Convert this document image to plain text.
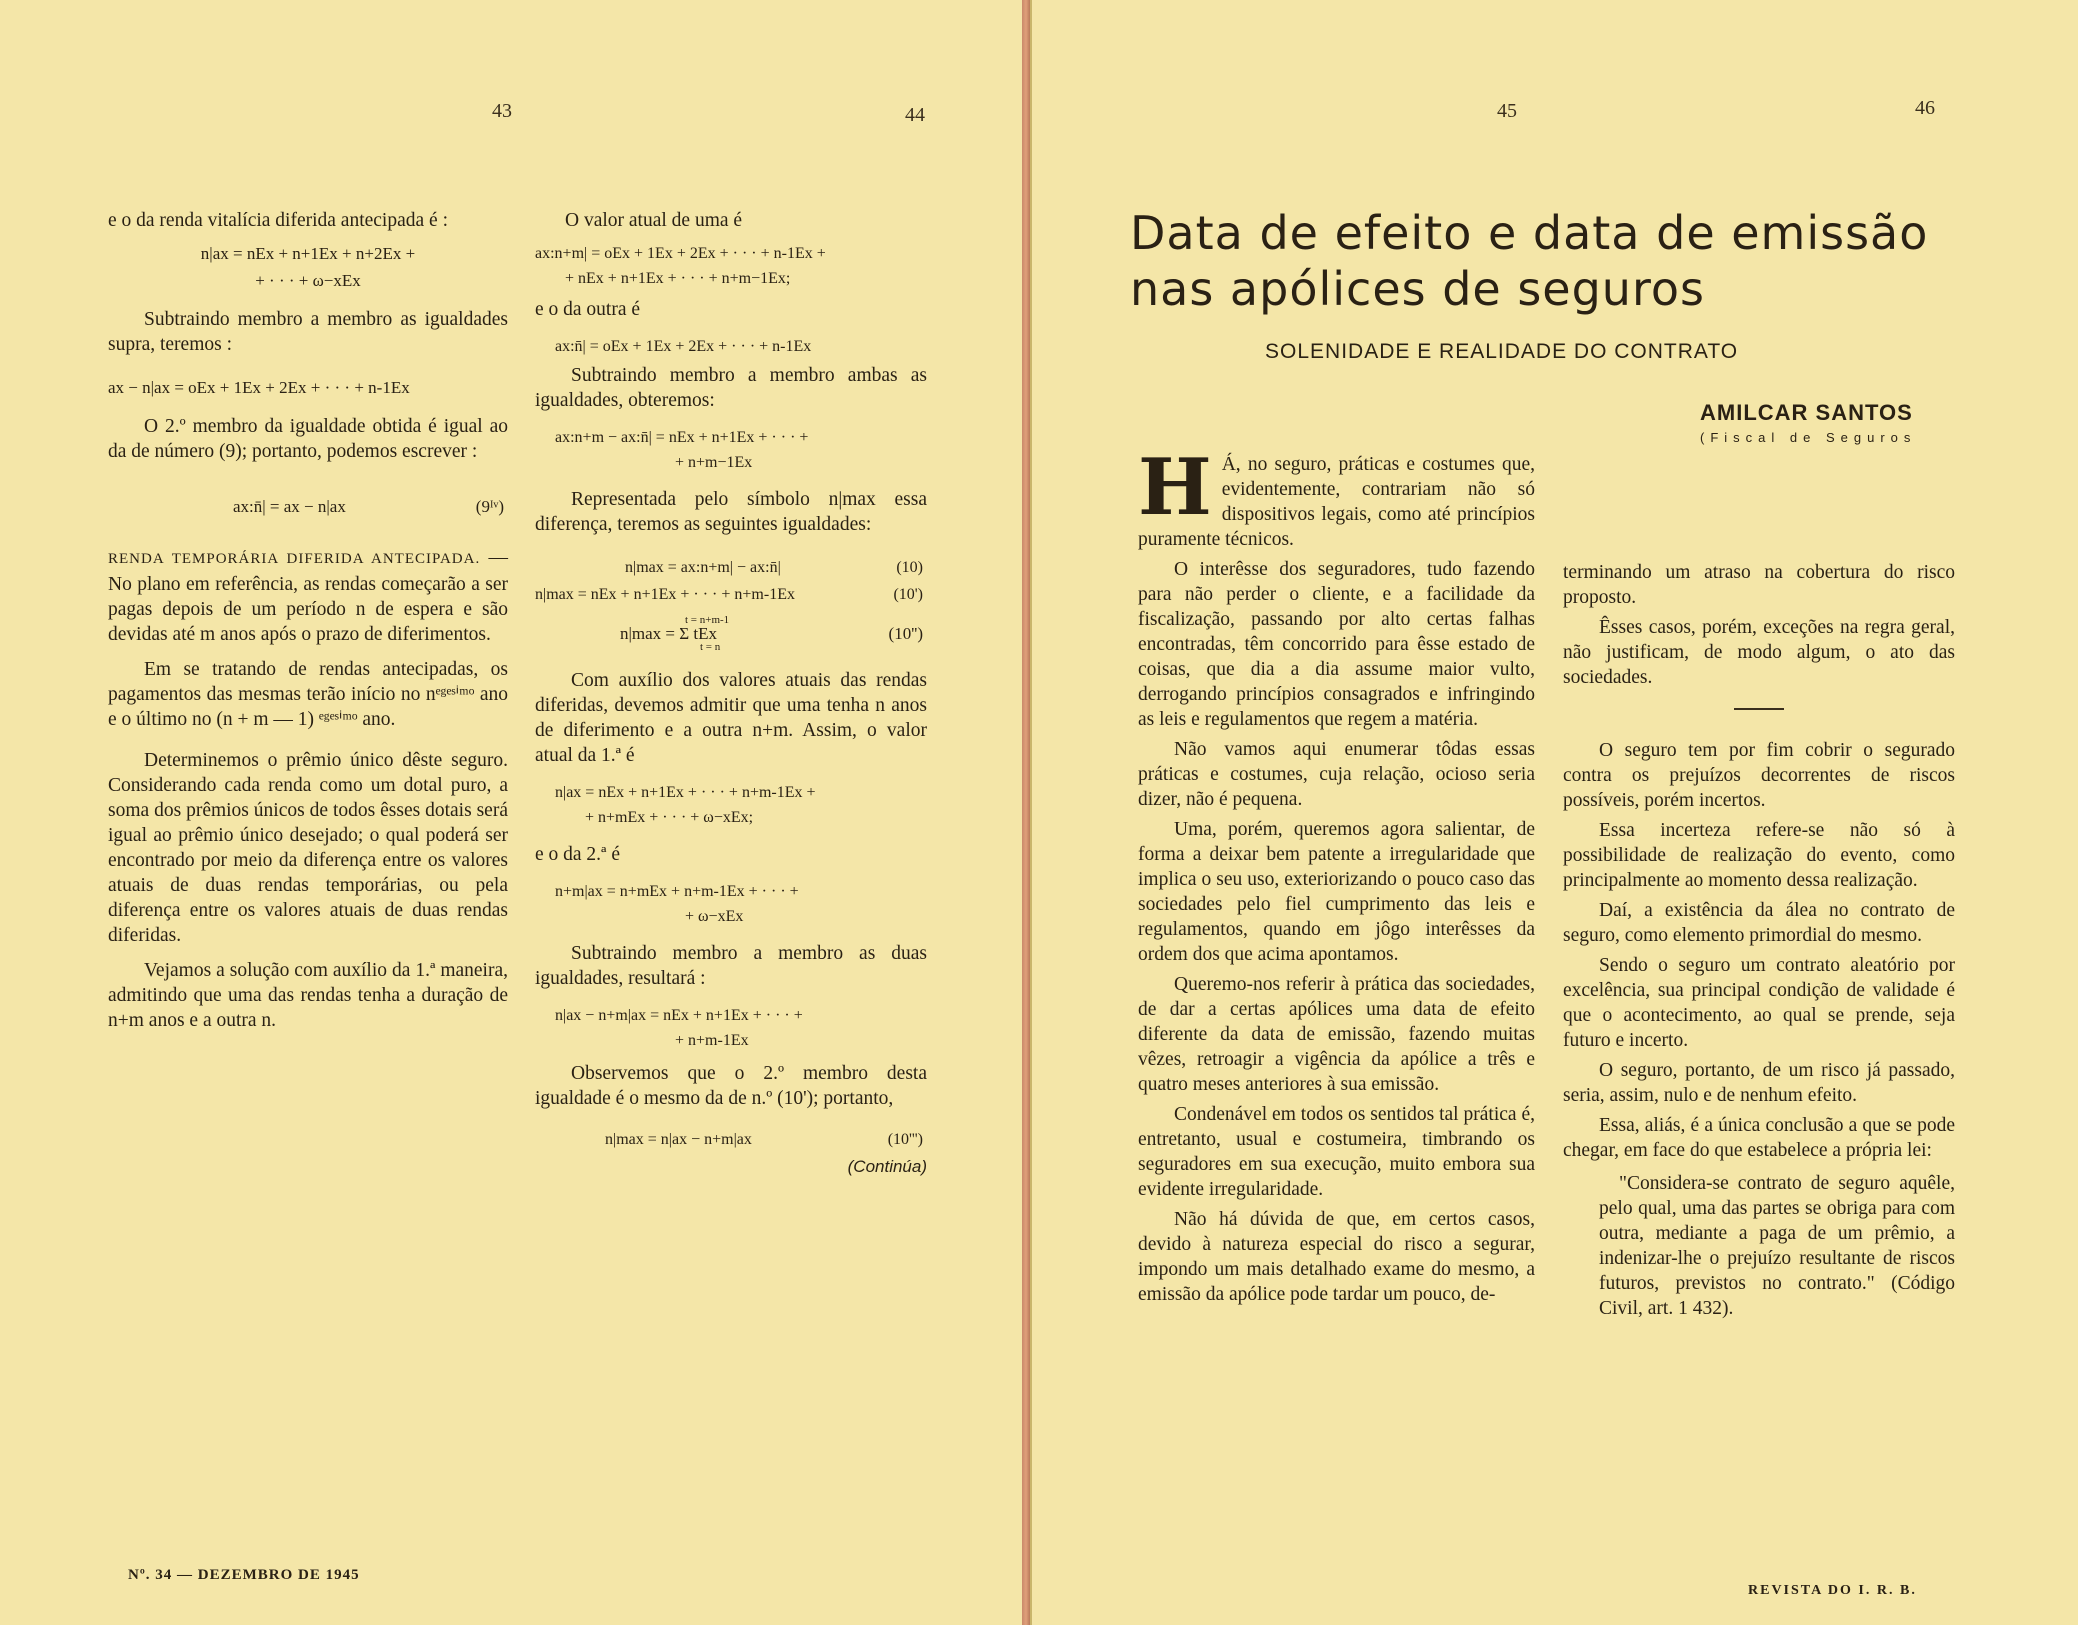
43	44

e o da renda vitalícia diferida antecipada é :

n|ax = nEx + n+1Ex + n+2Ex +
+ · · · + ω−xEx

Subtraindo membro a membro as igualdades supra, teremos :

ax − n|ax = oEx + 1Ex + 2Ex + · · · + n-1Ex

O 2.º membro da igualdade obtida é igual ao da de número (9); portanto, podemos escrever :

ax:n̄| = ax − n|ax	(9ᴵᵛ)

RENDA TEMPORÁRIA DIFERIDA ANTECIPADA. — No plano em referência, as rendas começarão a ser pagas depois de um período n de espera e são devidas até m anos após o prazo de diferimentos.

Em se tratando de rendas antecipadas, os pagamentos das mesmas terão início no nᵉᵍᵉˢⁱᵐᵒ ano e o último no (n + m — 1) ᵉᵍᵉˢⁱᵐᵒ ano.

Determinemos o prêmio único dêste seguro. Considerando cada renda como um dotal puro, a soma dos prêmios únicos de todos êsses dotais será igual ao prêmio único desejado; o qual poderá ser encontrado por meio da diferença entre os valores atuais de duas rendas temporárias, ou pela diferença entre os valores atuais de duas rendas diferidas.

Vejamos a solução com auxílio da 1.ª maneira, admitindo que uma das rendas tenha a duração de n+m anos e a outra n.

O valor atual de uma é

ax:n+m| = oEx + 1Ex + 2Ex + · · · + n-1Ex +
+ nEx + n+1Ex + · · · + n+m−1Ex;

e o da outra é

ax:n̄| = oEx + 1Ex + 2Ex + · · · + n-1Ex

Subtraindo membro a membro ambas as igualdades, obteremos:

ax:n+m − ax:n̄| = nEx + n+1Ex + · · · +
+ n+m−1Ex

Representada pelo símbolo n|max essa diferença, teremos as seguintes igualdades:

n|max = ax:n+m| − ax:n̄|	(10)
n|max = nEx + n+1Ex + · · · + n+m-1Ex	(10')
t = n+m-1
n|max = Σ tEx	(10'')
t = n

Com auxílio dos valores atuais das rendas diferidas, devemos admitir que uma tenha n anos de diferimento e a outra n+m. Assim, o valor atual da 1.ª é

n|ax = nEx + n+1Ex + · · · + n+m-1Ex +
+ n+mEx + · · · + ω−xEx;

e o da 2.ª é

n+m|ax = n+mEx + n+m-1Ex + · · · +
+ ω−xEx

Subtraindo membro a membro as duas igualdades, resultará :

n|ax − n+m|ax = nEx + n+1Ex + · · · +
+ n+m-1Ex

Observemos que o 2.º membro desta igualdade é o mesmo da de n.º (10'); portanto,

n|max = n|ax − n+m|ax	(10''')
(Continúa)
Nº. 34 — DEZEMBRO DE 1945
45	46
Data de efeito e data de emissão nas apólices de seguros
SOLENIDADE E REALIDADE DO CONTRATO
AMILCAR SANTOS
(Fiscal de Seguros

H Á, no seguro, práticas e costumes que, evidentemente, contrariam não só dispositivos legais, como até princípios puramente técnicos.

O interêsse dos seguradores, tudo fazendo para não perder o cliente, e a facilidade da fiscalização, passando por alto certas falhas encontradas, têm concorrido para êsse estado de coisas, que dia a dia assume maior vulto, derrogando princípios consagrados e infringindo as leis e regulamentos que regem a matéria.

Não vamos aqui enumerar tôdas essas práticas e costumes, cuja relação, ocioso seria dizer, não é pequena.

Uma, porém, queremos agora salientar, de forma a deixar bem patente a irregularidade que implica o seu uso, exteriorizando o pouco caso das sociedades pelo fiel cumprimento das leis e regulamentos, quando em jôgo interêsses da ordem dos que acima apontamos.

Queremo-nos referir à prática das sociedades, de dar a certas apólices uma data de efeito diferente da data de emissão, fazendo muitas vêzes, retroagir a vigência da apólice a três e quatro meses anteriores à sua emissão.

Condenável em todos os sentidos tal prática é, entretanto, usual e costumeira, timbrando os seguradores em sua execução, muito embora sua evidente irregularidade.

Não há dúvida de que, em certos casos, devido à natureza especial do risco a segurar, impondo um mais detalhado exame do mesmo, a emissão da apólice pode tardar um pouco, de-

terminando um atraso na cobertura do risco proposto.

Êsses casos, porém, exceções na regra geral, não justificam, de modo algum, o ato das sociedades.

O seguro tem por fim cobrir o segurado contra os prejuízos decorrentes de riscos possíveis, porém incertos.

Essa incerteza refere-se não só à possibilidade de realização do evento, como principalmente ao momento dessa realização.

Daí, a existência da álea no contrato de seguro, como elemento primordial do mesmo.

Sendo o seguro um contrato aleatório por excelência, sua principal condição de validade é que o acontecimento, ao qual se prende, seja futuro e incerto.

O seguro, portanto, de um risco já passado, seria, assim, nulo e de nenhum efeito.

Essa, aliás, é a única conclusão a que se pode chegar, em face do que estabelece a própria lei:

"Considera-se contrato de seguro aquêle, pelo qual, uma das partes se obriga para com outra, mediante a paga de um prêmio, a indenizar-lhe o prejuízo resultante de riscos futuros, previstos no contrato." (Código Civil, art. 1 432).

REVISTA DO I. R. B.
